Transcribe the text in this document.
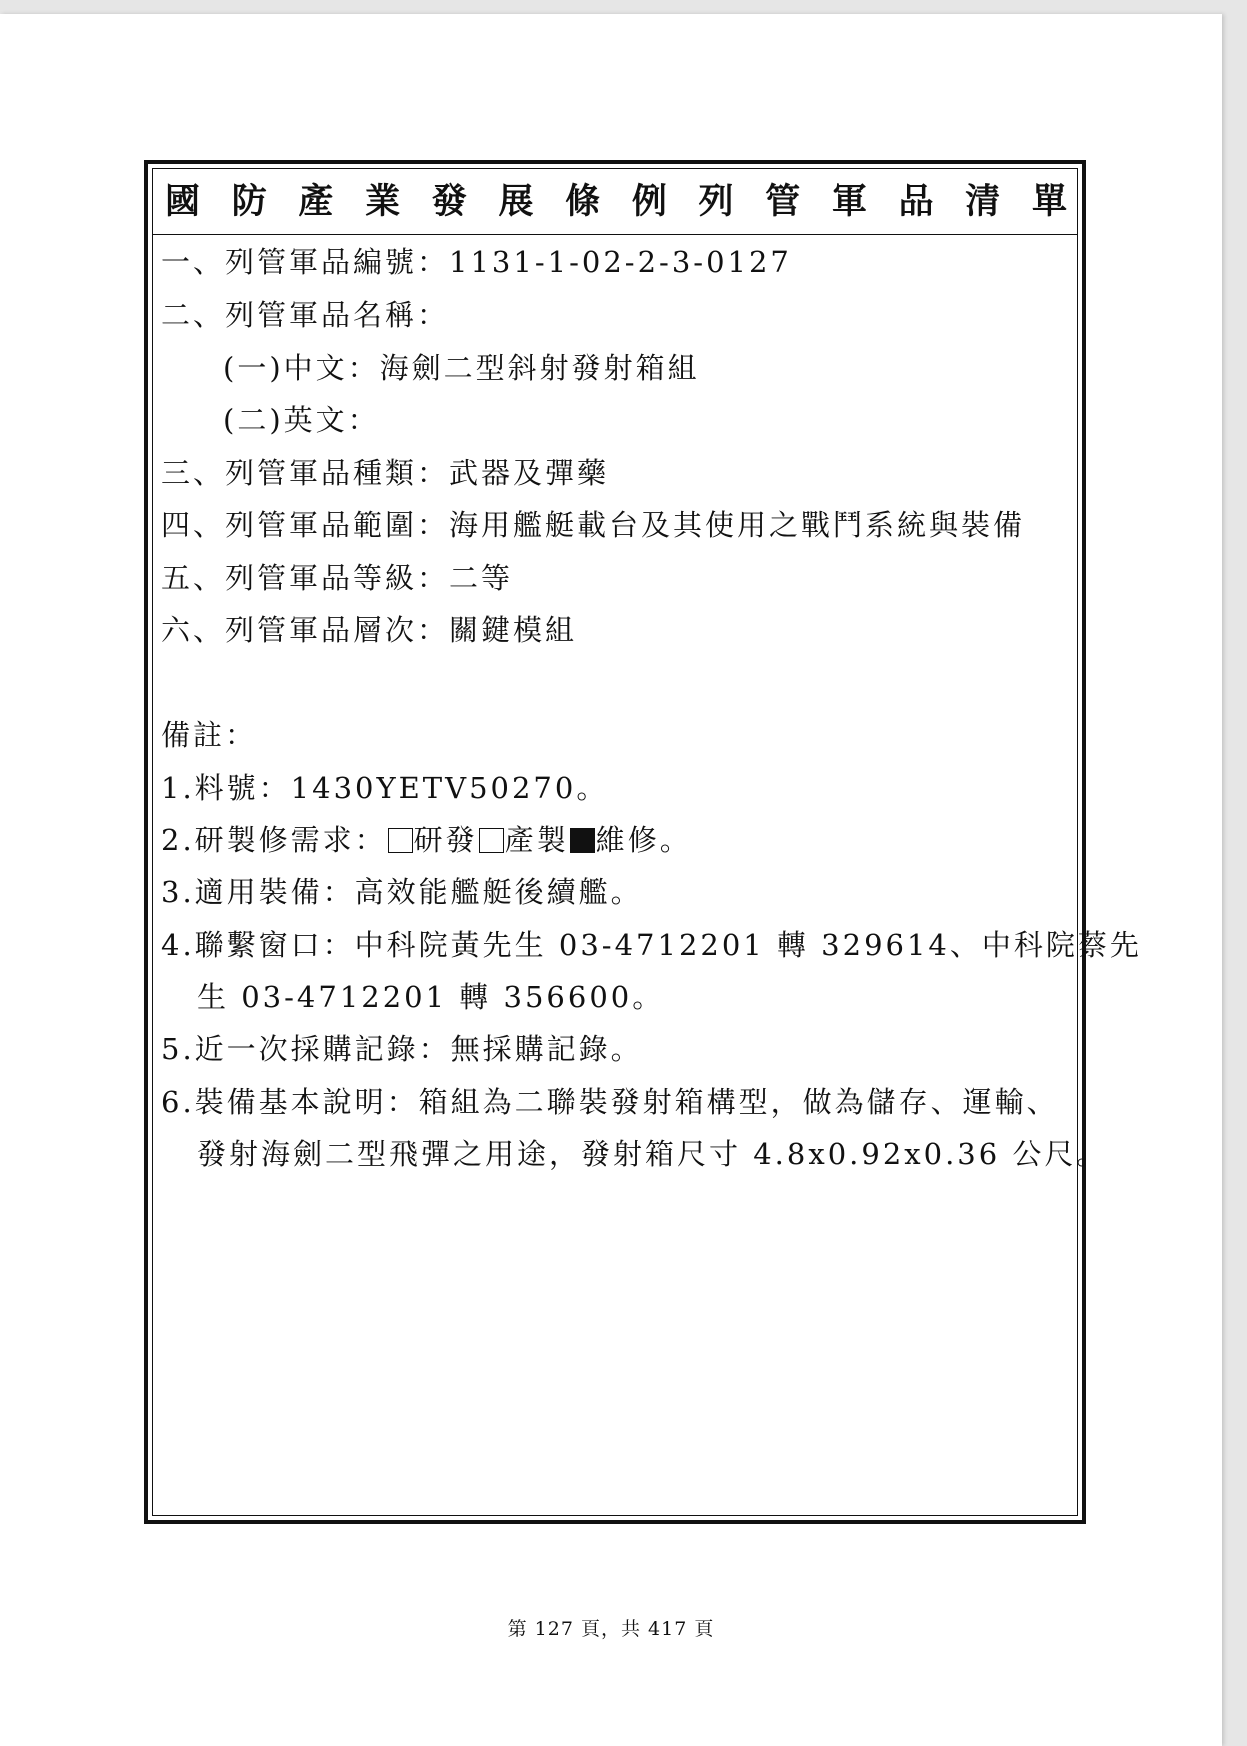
國 防 產 業 發 展 條 例 列 管 軍 品 清 單
一、列管軍品編號：1131-1-02-2-3-0127
二、列管軍品名稱：
(一)中文：海劍二型斜射發射箱組
(二)英文：
三、列管軍品種類：武器及彈藥
四、列管軍品範圍：海用艦艇載台及其使用之戰鬥系統與裝備
五、列管軍品等級：二等
六、列管軍品層次：關鍵模組
備註：
1.料號：1430YETV50270。
2.研製修需求： 研發 產製 維修。
3.適用裝備：高效能艦艇後續艦。
4.聯繫窗口：中科院黃先生 03-4712201 轉 329614、中科院蔡先
生 03-4712201 轉 356600。
5.近一次採購記錄：無採購記錄。
6.裝備基本說明：箱組為二聯裝發射箱構型，做為儲存、運輸、
發射海劍二型飛彈之用途，發射箱尺寸 4.8x0.92x0.36 公尺。
第 127 頁，共 417 頁
